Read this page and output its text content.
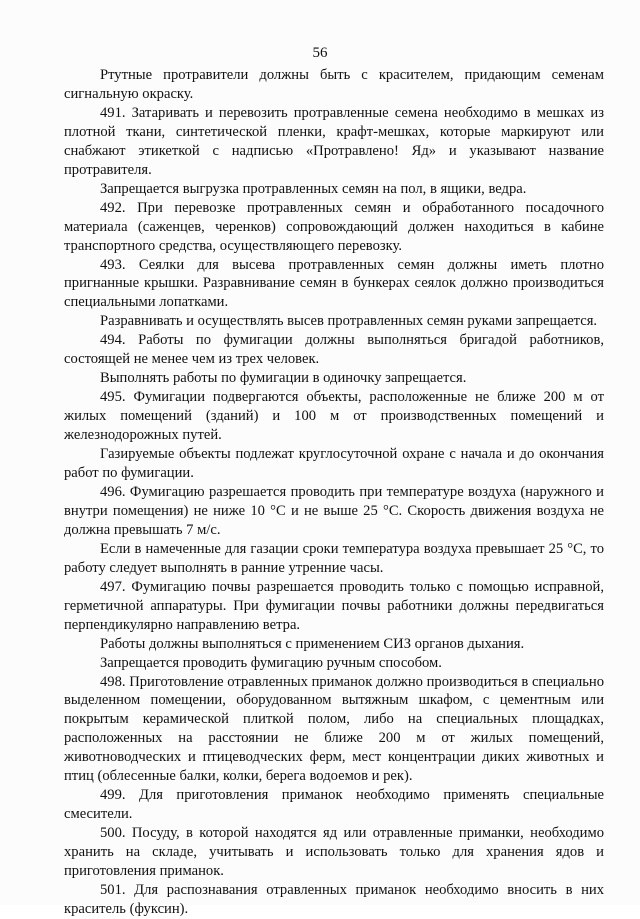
56

Ртутные протравители должны быть с красителем, придающим семенам сигнальную окраску.

491. Затаривать и перевозить протравленные семена необходимо в мешках из плотной ткани, синтетической пленки, крафт-мешках, которые маркируют или снабжают этикеткой с надписью «Протравлено! Яд» и указывают название протравителя.

Запрещается выгрузка протравленных семян на пол, в ящики, ведра.

492. При перевозке протравленных семян и обработанного посадочного материала (саженцев, черенков) сопровождающий должен находиться в кабине транспортного средства, осуществляющего перевозку.

493. Сеялки для высева протравленных семян должны иметь плотно пригнанные крышки. Разравнивание семян в бункерах сеялок должно производиться специальными лопатками.

Разравнивать и осуществлять высев протравленных семян руками запрещается.

494. Работы по фумигации должны выполняться бригадой работников, состоящей не менее чем из трех человек.

Выполнять работы по фумигации в одиночку запрещается.

495. Фумигации подвергаются объекты, расположенные не ближе 200 м от жилых помещений (зданий) и 100 м от производственных помещений и железнодорожных путей.

Газируемые объекты подлежат круглосуточной охране с начала и до окончания работ по фумигации.

496. Фумигацию разрешается проводить при температуре воздуха (наружного и внутри помещения) не ниже 10 °С и не выше 25 °С. Скорость движения воздуха не должна превышать 7 м/с.

Если в намеченные для газации сроки температура воздуха превышает 25 °С, то работу следует выполнять в ранние утренние часы.

497. Фумигацию почвы разрешается проводить только с помощью исправной, герметичной аппаратуры. При фумигации почвы работники должны передвигаться перпендикулярно направлению ветра.

Работы должны выполняться с применением СИЗ органов дыхания.

Запрещается проводить фумигацию ручным способом.

498. Приготовление отравленных приманок должно производиться в специально выделенном помещении, оборудованном вытяжным шкафом, с цементным или покрытым керамической плиткой полом, либо на специальных площадках, расположенных на расстоянии не ближе 200 м от жилых помещений, животноводческих и птицеводческих ферм, мест концентрации диких животных и птиц (облесенные балки, колки, берега водоемов и рек).

499. Для приготовления приманок необходимо применять специальные смесители.

500. Посуду, в которой находятся яд или отравленные приманки, необходимо хранить на складе, учитывать и использовать только для хранения ядов и приготовления приманок.

501. Для распознавания отравленных приманок необходимо вносить в них краситель (фуксин).
